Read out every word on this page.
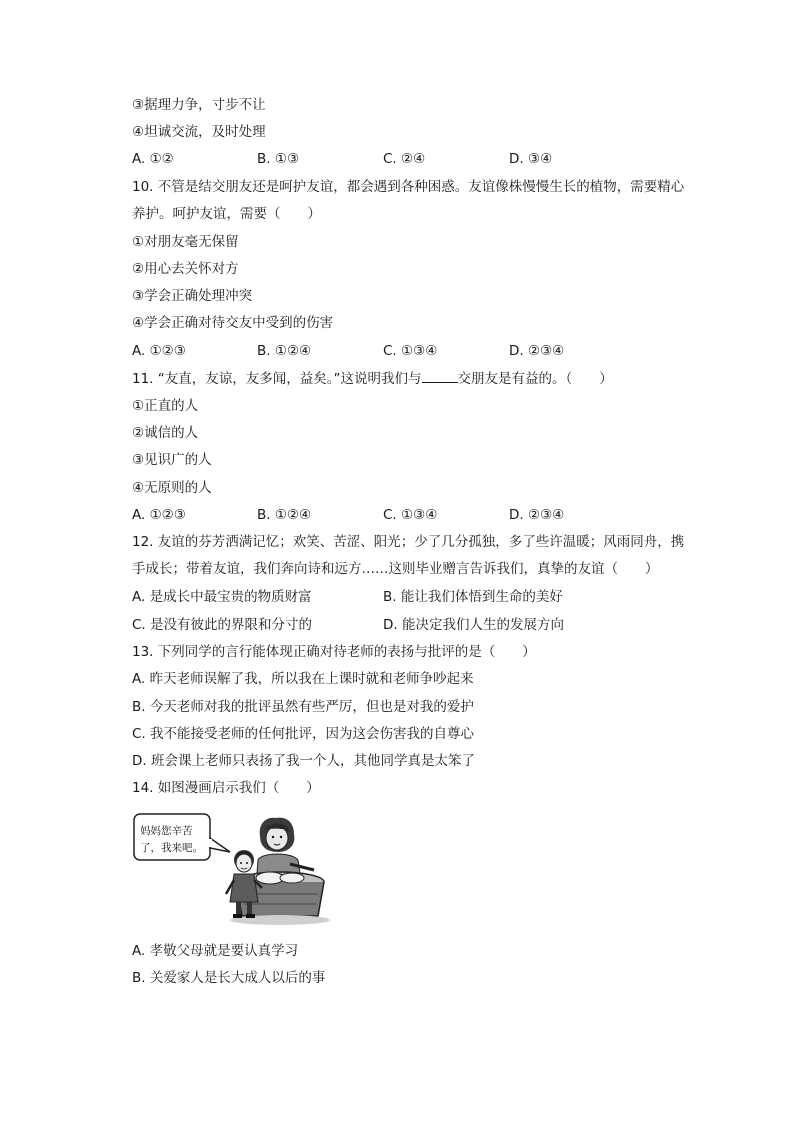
③据理力争，寸步不让
④坦诚交流，及时处理
A. ①②	B. ①③	C. ②④	D. ③④
10. 不管是结交朋友还是呵护友谊，都会遇到各种困惑。友谊像株慢慢生长的植物，需要精心
养护。呵护友谊，需要（　　）
①对朋友毫无保留
②用心去关怀对方
③学会正确处理冲突
④学会正确对待交友中受到的伤害
A. ①②③	B. ①②④	C. ①③④	D. ②③④
11. “友直，友谅，友多闻，益矣。”这说明我们与	交朋友是有益的。（　　）
①正直的人
②诚信的人
③见识广的人
④无原则的人
A. ①②③	B. ①②④	C. ①③④	D. ②③④
12. 友谊的芬芳洒满记忆；欢笑、苦涩、阳光；少了几分孤独，多了些许温暖；风雨同舟，携
手成长；带着友谊，我们奔向诗和远方……这则毕业赠言告诉我们，真挚的友谊（　　）
A. 是成长中最宝贵的物质财富	B. 能让我们体悟到生命的美好
C. 是没有彼此的界限和分寸的	D. 能决定我们人生的发展方向
13. 下列同学的言行能体现正确对待老师的表扬与批评的是（　　）
A. 昨天老师误解了我，所以我在上课时就和老师争吵起来
B. 今天老师对我的批评虽然有些严厉，但也是对我的爱护
C. 我不能接受老师的任何批评，因为这会伤害我的自尊心
D. 班会课上老师只表扬了我一个人，其他同学真是太笨了
14. 如图漫画启示我们（　　）
妈妈您辛苦
了，我来吧。
A. 孝敬父母就是要认真学习
B. 关爱家人是长大成人以后的事
